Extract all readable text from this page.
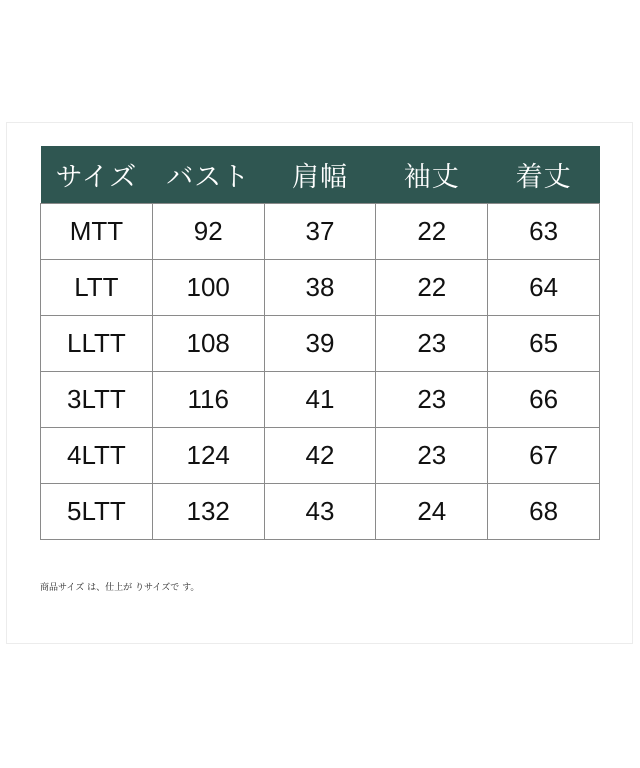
サイズ	バスト	肩幅	袖丈	着丈
MTT	92	37	22	63
LTT	100	38	22	64
LLTT	108	39	23	65
3LTT	116	41	23	66
4LTT	124	42	23	67
5LTT	132	43	24	68
商品サイズ は、仕上が りサイズで す。
